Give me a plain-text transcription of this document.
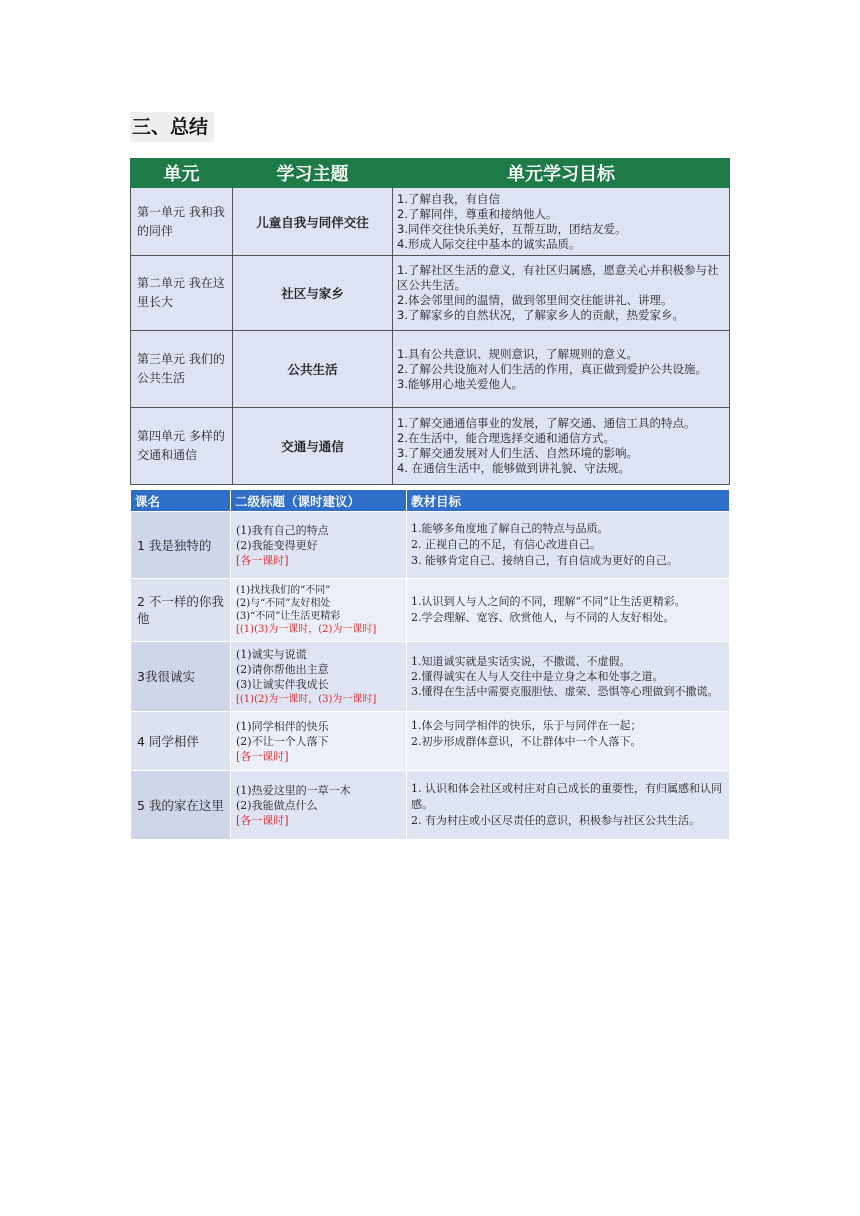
三、总结
单元	学习主题	单元学习目标
第一单元 我和我的同伴	儿童自我与同伴交往	1.了解自我，有自信
2.了解同伴，尊重和接纳他人。
3.同伴交往快乐美好，互帮互助，团结友爱。
4.形成人际交往中基本的诚实品质。

第二单元 我在这里长大	社区与家乡	1.了解社区生活的意义，有社区归属感，愿意关心并积极参与社区公共生活。
2.体会邻里间的温情，做到邻里间交往能讲礼、讲理。
3.了解家乡的自然状况，了解家乡人的贡献，热爱家乡。

第三单元 我们的公共生活	公共生活	1.具有公共意识、规则意识，了解规则的意义。
2.了解公共设施对人们生活的作用，真正做到爱护公共设施。
3.能够用心地关爱他人。

第四单元 多样的交通和通信	交通与通信	1.了解交通通信事业的发展，了解交通、通信工具的特点。
2.在生活中，能合理选择交通和通信方式。
3.了解交通发展对人们生活、自然环境的影响。
4. 在通信生活中，能够做到讲礼貌、守法规。
课名	二级标题（课时建议）	教材目标
1 我是独特的	(1)我有自己的特点
(2)我能变得更好
[各一课时]	1.能够多角度地了解自己的特点与品质。
2. 正视自己的不足，有信心改进自己。
3. 能够肯定自己、接纳自己，有自信成为更好的自己。

2 不一样的你我他	(1)找找我们的“不同”
(2)与“不同”友好相处
(3)“不同”让生活更精彩
[(1)(3)为一课时，(2)为一课时]	1.认识到人与人之间的不同，理解“不同”让生活更精彩。
2.学会理解、宽容、欣赏他人，与不同的人友好相处。

3我很诚实	(1)诚实与说谎
(2)请你帮他出主意
(3)让诚实伴我成长
[(1)(2)为一课时，(3)为一课时]	1.知道诚实就是实话实说，不撒谎、不虚假。
2.懂得诚实在人与人交往中是立身之本和处事之道。
3.懂得在生活中需要克服胆怯、虚荣、恐惧等心理做到不撒谎。

4 同学相伴	(1)同学相伴的快乐
(2)不让一个人落下
[各一课时]	1.体会与同学相伴的快乐，乐于与同伴在一起；
2.初步形成群体意识，不让群体中一个人落下。

5 我的家在这里	(1)热爱这里的一草一木
(2)我能做点什么
[各一课时]	1. 认识和体会社区或村庄对自己成长的重要性，有归属感和认同感。
2. 有为村庄或小区尽责任的意识，积极参与社区公共生活。
